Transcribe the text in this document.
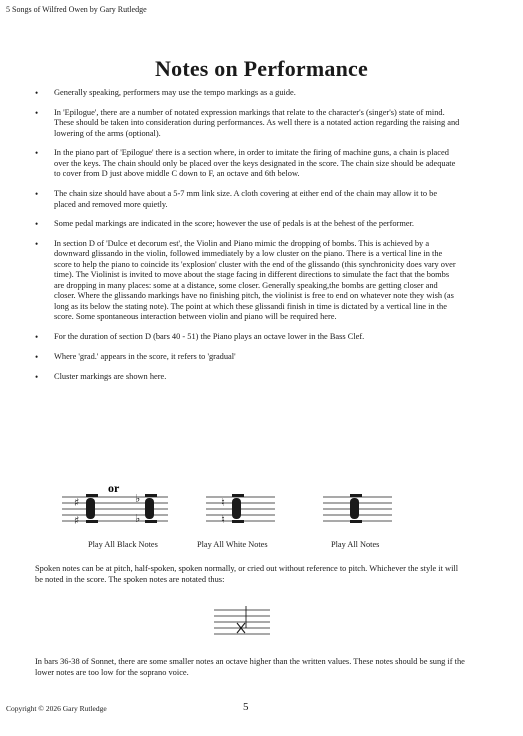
5 Songs of Wilfred Owen by Gary Rutledge
Notes on Performance
• Generally speaking, performers may use the tempo markings as a guide.
• In 'Epilogue', there are a number of notated expression markings that relate to the character's (singer's) state of mind. These should be taken into consideration during performances. As well there is a notated action regarding the raising and lowering of the arms (optional).
• In the piano part of 'Epilogue' there is a section where, in order to imitate the firing of machine guns, a chain is placed over the keys. The chain should only be placed over the keys designated in the score. The chain size should be adequate to cover from D just above middle C down to F, an octave and 6th below.
• The chain size should have about a 5-7 mm link size. A cloth covering at either end of the chain may allow it to be placed and removed more quietly.
• Some pedal markings are indicated in the score; however the use of pedals is at the behest of the performer.
• In section D of 'Dulce et decorum est', the Violin and Piano mimic the dropping of bombs. This is achieved by a downward glissando in the violin, followed immediately by a low cluster on the piano. There is a vertical line in the score to help the piano to coincide its 'explosion' cluster with the end of the glissando (this synchronicity does vary over time). The Violinist is invited to move about the stage facing in different directions to simulate the fact that the bombs are dropping in many places: some at a distance, some closer. Generally speaking,the bombs are getting closer and closer. Where the glissando markings have no finishing pitch, the violinist is free to end on whatever note they wish (as long as its below the stating note). The point at which these glissandi finish in time is dictated by a vertical line in the score. Some spontaneous interaction between violin and piano will be required here.
• For the duration of section D (bars 40 - 51) the Piano plays an octave lower in the Bass Clef.
• Where 'grad.' appears in the score, it refers to 'gradual'
• Cluster markings are shown here.
♯
♯
♭
♭
or
♮
♮
Play All Black Notes	Play All White Notes	Play All Notes
Spoken notes can be at pitch, half-spoken, spoken normally, or cried out without reference to pitch. Whichever the style it will be noted in the score. The spoken notes are notated thus:
In bars 36-38 of Sonnet, there are some smaller notes an octave higher than the written values. These notes should be sung if the lower notes are too low for the soprano voice.
Copyright © 2026 Gary Rutledge	5
